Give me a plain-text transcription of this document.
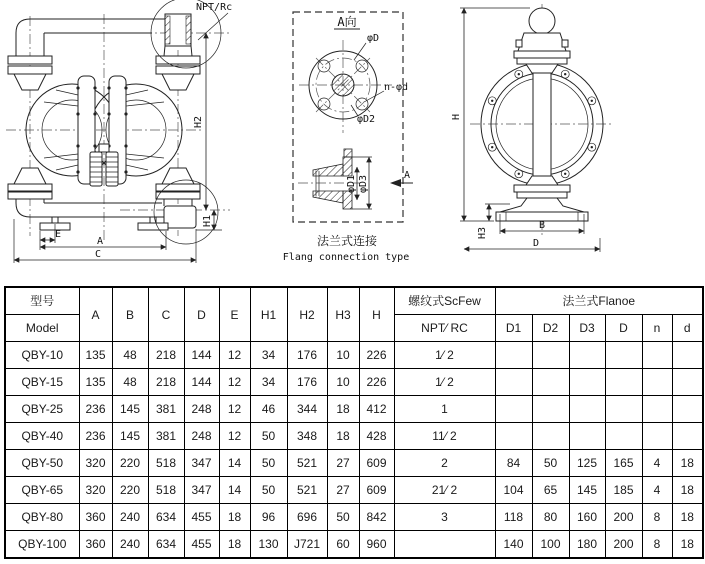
NPT/Rc
H2
H1
E
A
C
A向
φD
n-φd
φD2
φD1 φD3	A
法兰式连接
Flang connection type
H
H3
B
D
型号	A	B	C	D	E	H1	H2	H3	H	螺纹式ScFew	法兰式Flanoe					
Model										NPT⁄ RC	D1	D2	D3	D	n	d
QBY-10	135	48	218	144	12	34	176	10	226	1⁄ 2						
QBY-15	135	48	218	144	12	34	176	10	226	1⁄ 2						
QBY-25	236	145	381	248	12	46	344	18	412	1						
QBY-40	236	145	381	248	12	50	348	18	428	11⁄ 2						
QBY-50	320	220	518	347	14	50	521	27	609	2	84	50	125	165	4	18
QBY-65	320	220	518	347	14	50	521	27	609	21⁄ 2	104	65	145	185	4	18
QBY-80	360	240	634	455	18	96	696	50	842	3	118	80	160	200	8	18
QBY-100	360	240	634	455	18	130	J721	60	960		140	100	180	200	8	18
